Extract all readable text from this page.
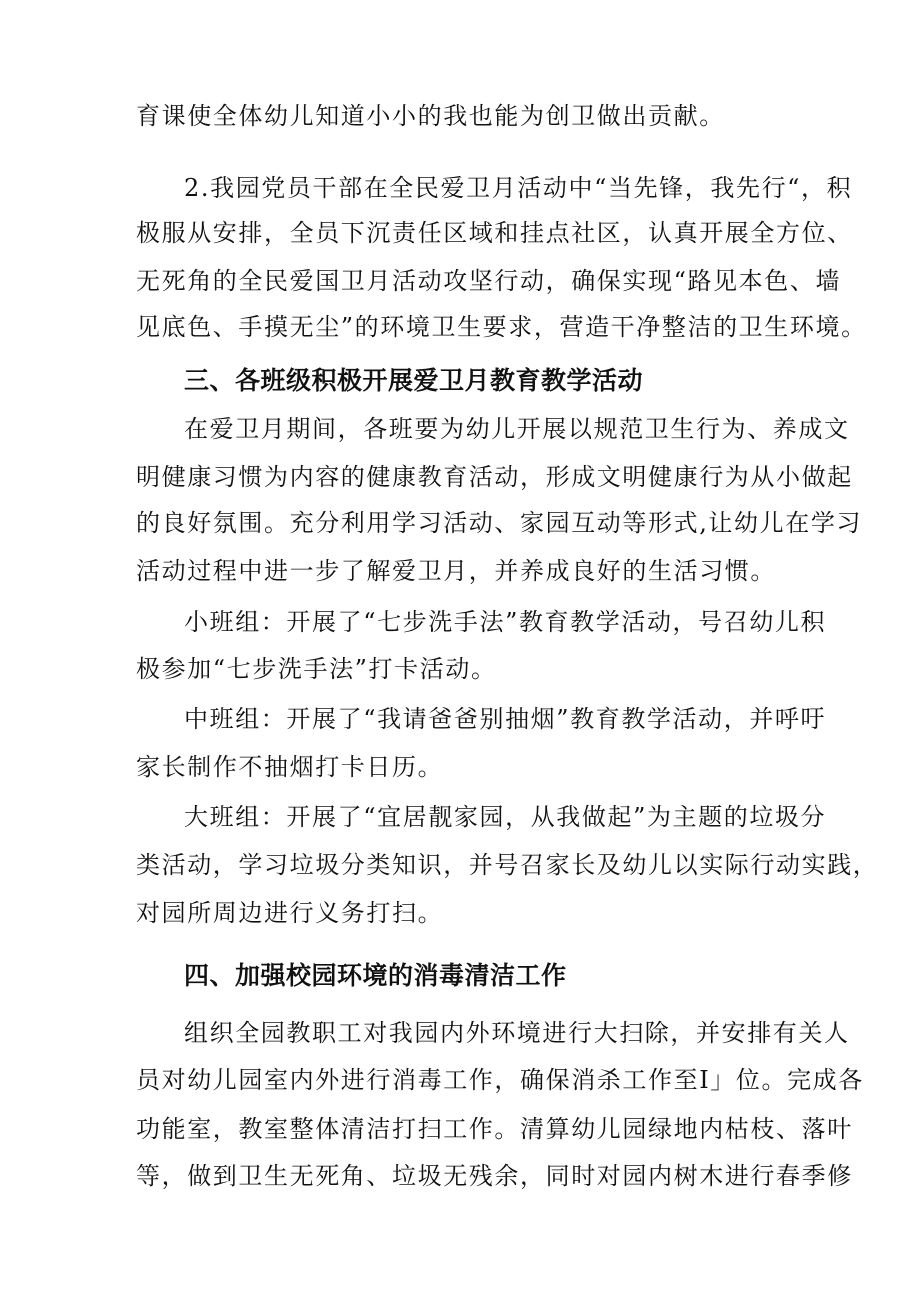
育课使全体幼儿知道小小的我也能为创卫做出贡献。
2.我园党员干部在全民爱卫月活动中“当先锋，我先行“，积
极服从安排，全员下沉责任区域和挂点社区，认真开展全方位、
无死角的全民爱国卫月活动攻坚行动，确保实现“路见本色、墙
见底色、手摸无尘”的环境卫生要求，营造干净整洁的卫生环境。
三、各班级积极开展爱卫月教育教学活动
在爱卫月期间，各班要为幼儿开展以规范卫生行为、养成文
明健康习惯为内容的健康教育活动，形成文明健康行为从小做起
的良好氛围。充分利用学习活动、家园互动等形式,让幼儿在学习
活动过程中进一步了解爱卫月，并养成良好的生活习惯。
小班组：开展了“七步洗手法”教育教学活动，号召幼儿积
极参加“七步洗手法”打卡活动。
中班组：开展了“我请爸爸别抽烟”教育教学活动，并呼吁
家长制作不抽烟打卡日历。
大班组：开展了“宜居靓家园，从我做起”为主题的垃圾分
类活动，学习垃圾分类知识，并号召家长及幼儿以实际行动实践，
对园所周边进行义务打扫。
四、加强校园环境的消毒清洁工作
组织全园教职工对我园内外环境进行大扫除，并安排有关人
员对幼儿园室内外进行消毒工作，确保消杀工作至I」位。完成各
功能室，教室整体清洁打扫工作。清算幼儿园绿地内枯枝、落叶
等，做到卫生无死角、垃圾无残余，同时对园内树木进行春季修
